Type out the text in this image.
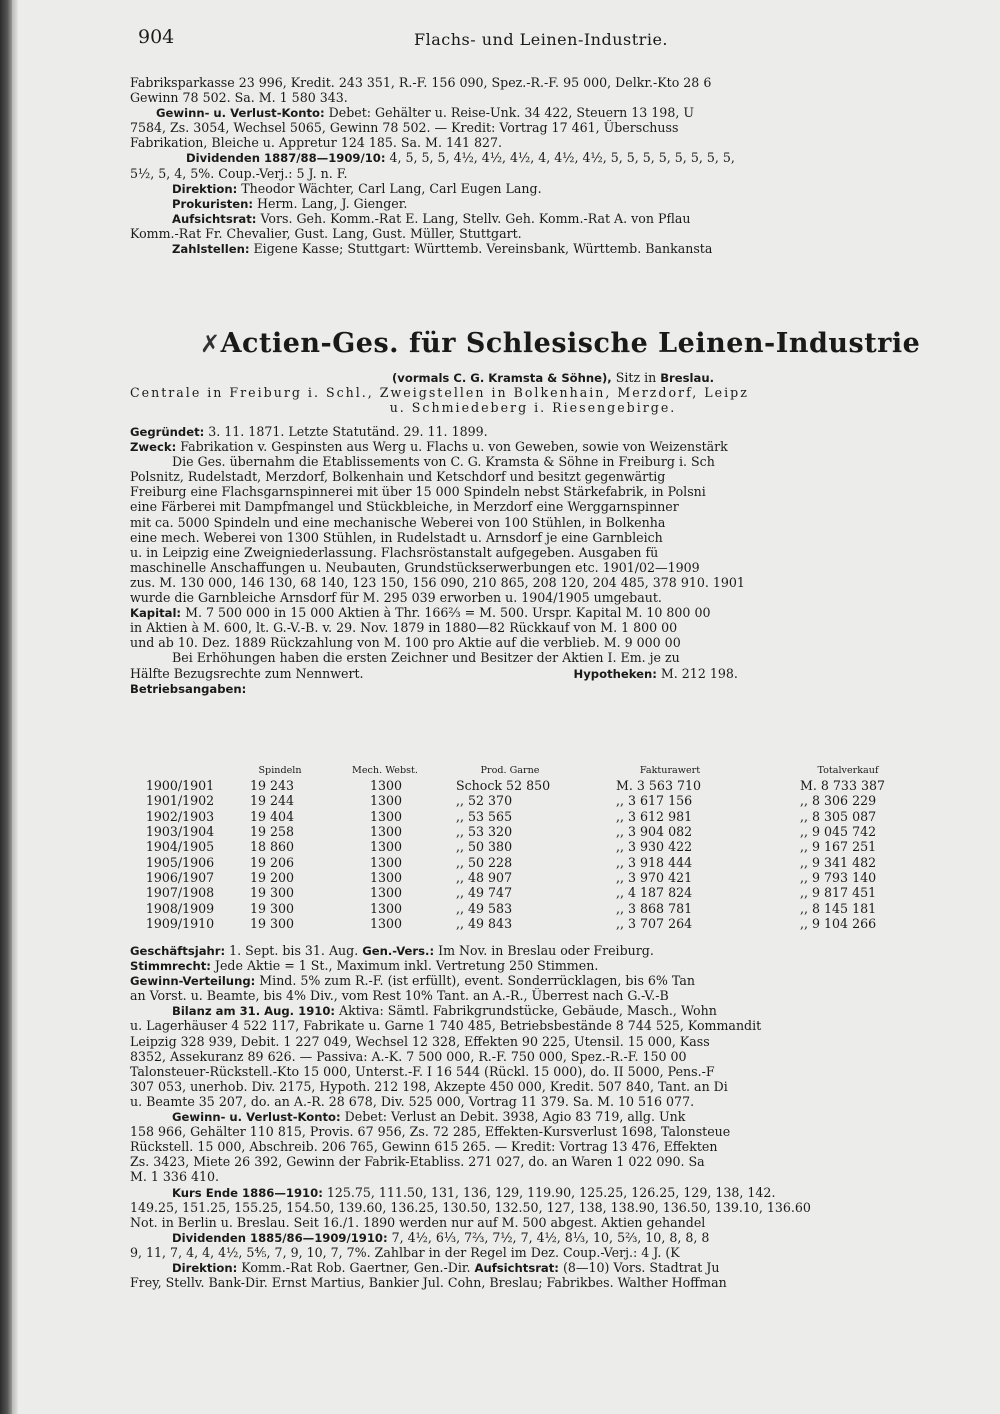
904	Flachs- und Leinen-Industrie.
Fabriksparkasse 23 996, Kredit. 243 351, R.-F. 156 090, Spez.-R.-F. 95 000, Delkr.-Kto 28 6
Gewinn 78 502. Sa. M. 1 580 343.
Gewinn- u. Verlust-Konto: Debet: Gehälter u. Reise-Unk. 34 422, Steuern 13 198, U
7584, Zs. 3054, Wechsel 5065, Gewinn 78 502. — Kredit: Vortrag 17 461, Überschuss
Fabrikation, Bleiche u. Appretur 124 185. Sa. M. 141 827.
Dividenden 1887/88—1909/10: 4, 5, 5, 5, 4½, 4½, 4½, 4, 4½, 4½, 5, 5, 5, 5, 5, 5, 5, 5,
5½, 5, 4, 5%. Coup.-Verj.: 5 J. n. F.
Direktion: Theodor Wächter, Carl Lang, Carl Eugen Lang.
Prokuristen: Herm. Lang, J. Gienger.
Aufsichtsrat: Vors. Geh. Komm.-Rat E. Lang, Stellv. Geh. Komm.-Rat A. von Pflau
Komm.-Rat Fr. Chevalier, Gust. Lang, Gust. Müller, Stuttgart.
Zahlstellen: Eigene Kasse; Stuttgart: Württemb. Vereinsbank, Württemb. Bankansta
✗Actien-Ges. für Schlesische Leinen-Industrie
(vormals C. G. Kramsta & Söhne), Sitz in Breslau.
Centrale in Freiburg i. Schl., Zweigstellen in Bolkenhain, Merzdorf, Leipz
u. Schmiedeberg i. Riesengebirge.
Gegründet: 3. 11. 1871. Letzte Statutänd. 29. 11. 1899.
Zweck: Fabrikation v. Gespinsten aus Werg u. Flachs u. von Geweben, sowie von Weizenstärk
Die Ges. übernahm die Etablissements von C. G. Kramsta & Söhne in Freiburg i. Sch
Polsnitz, Rudelstadt, Merzdorf, Bolkenhain und Ketschdorf und besitzt gegenwärtig
Freiburg eine Flachsgarnspinnerei mit über 15 000 Spindeln nebst Stärkefabrik, in Polsni
eine Färberei mit Dampfmangel und Stückbleiche, in Merzdorf eine Werggarnspinner
mit ca. 5000 Spindeln und eine mechanische Weberei von 100 Stühlen, in Bolkenha
eine mech. Weberei von 1300 Stühlen, in Rudelstadt u. Arnsdorf je eine Garnbleich
u. in Leipzig eine Zweigniederlassung. Flachsröstanstalt aufgegeben. Ausgaben fü
maschinelle Anschaffungen u. Neubauten, Grundstückserwerbungen etc. 1901/02—1909
zus. M. 130 000, 146 130, 68 140, 123 150, 156 090, 210 865, 208 120, 204 485, 378 910. 1901
wurde die Garnbleiche Arnsdorf für M. 295 039 erworben u. 1904/1905 umgebaut.
Kapital: M. 7 500 000 in 15 000 Aktien à Thr. 166⅔ = M. 500. Urspr. Kapital M. 10 800 00
in Aktien à M. 600, lt. G.-V.-B. v. 29. Nov. 1879 in 1880—82 Rückkauf von M. 1 800 00
und ab 10. Dez. 1889 Rückzahlung von M. 100 pro Aktie auf die verblieb. M. 9 000 00
Bei Erhöhungen haben die ersten Zeichner und Besitzer der Aktien I. Em. je zu
Hälfte Bezugsrechte zum Nennwert.	Hypotheken: M. 212 198.
Betriebsangaben:
	Spindeln	Mech. Webst.	Prod. Garne	Fakturawert	Totalverkauf
1900/1901	19 243	1300	Schock 52 850	M. 3 563 710	M. 8 733 387
1901/1902	19 244	1300	,, 52 370	,, 3 617 156	,, 8 306 229
1902/1903	19 404	1300	,, 53 565	,, 3 612 981	,, 8 305 087
1903/1904	19 258	1300	,, 53 320	,, 3 904 082	,, 9 045 742
1904/1905	18 860	1300	,, 50 380	,, 3 930 422	,, 9 167 251
1905/1906	19 206	1300	,, 50 228	,, 3 918 444	,, 9 341 482
1906/1907	19 200	1300	,, 48 907	,, 3 970 421	,, 9 793 140
1907/1908	19 300	1300	,, 49 747	,, 4 187 824	,, 9 817 451
1908/1909	19 300	1300	,, 49 583	,, 3 868 781	,, 8 145 181
1909/1910	19 300	1300	,, 49 843	,, 3 707 264	,, 9 104 266
Geschäftsjahr: 1. Sept. bis 31. Aug. Gen.-Vers.: Im Nov. in Breslau oder Freiburg.
Stimmrecht: Jede Aktie = 1 St., Maximum inkl. Vertretung 250 Stimmen.
Gewinn-Verteilung: Mind. 5% zum R.-F. (ist erfüllt), event. Sonderrücklagen, bis 6% Tan
an Vorst. u. Beamte, bis 4% Div., vom Rest 10% Tant. an A.-R., Überrest nach G.-V.-B
Bilanz am 31. Aug. 1910: Aktiva: Sämtl. Fabrikgrundstücke, Gebäude, Masch., Wohn
u. Lagerhäuser 4 522 117, Fabrikate u. Garne 1 740 485, Betriebsbestände 8 744 525, Kommandit
Leipzig 328 939, Debit. 1 227 049, Wechsel 12 328, Effekten 90 225, Utensil. 15 000, Kass
8352, Assekuranz 89 626. — Passiva: A.-K. 7 500 000, R.-F. 750 000, Spez.-R.-F. 150 00
Talonsteuer-Rückstell.-Kto 15 000, Unterst.-F. I 16 544 (Rückl. 15 000), do. II 5000, Pens.-F
307 053, unerhob. Div. 2175, Hypoth. 212 198, Akzepte 450 000, Kredit. 507 840, Tant. an Di
u. Beamte 35 207, do. an A.-R. 28 678, Div. 525 000, Vortrag 11 379. Sa. M. 10 516 077.
Gewinn- u. Verlust-Konto: Debet: Verlust an Debit. 3938, Agio 83 719, allg. Unk
158 966, Gehälter 110 815, Provis. 67 956, Zs. 72 285, Effekten-Kursverlust 1698, Talonsteue
Rückstell. 15 000, Abschreib. 206 765, Gewinn 615 265. — Kredit: Vortrag 13 476, Effekten
Zs. 3423, Miete 26 392, Gewinn der Fabrik-Etabliss. 271 027, do. an Waren 1 022 090. Sa
M. 1 336 410.
Kurs Ende 1886—1910: 125.75, 111.50, 131, 136, 129, 119.90, 125.25, 126.25, 129, 138, 142.
149.25, 151.25, 155.25, 154.50, 139.60, 136.25, 130.50, 132.50, 127, 138, 138.90, 136.50, 139.10, 136.60
Not. in Berlin u. Breslau. Seit 16./1. 1890 werden nur auf M. 500 abgest. Aktien gehandel
Dividenden 1885/86—1909/1910: 7, 4½, 6⅓, 7⅔, 7½, 7, 4½, 8⅓, 10, 5⅔, 10, 8, 8, 8
9, 11, 7, 4, 4, 4½, 5⅘, 7, 9, 10, 7, 7%. Zahlbar in der Regel im Dez. Coup.-Verj.: 4 J. (K
Direktion: Komm.-Rat Rob. Gaertner, Gen.-Dir. Aufsichtsrat: (8—10) Vors. Stadtrat Ju
Frey, Stellv. Bank-Dir. Ernst Martius, Bankier Jul. Cohn, Breslau; Fabrikbes. Walther Hoffman
